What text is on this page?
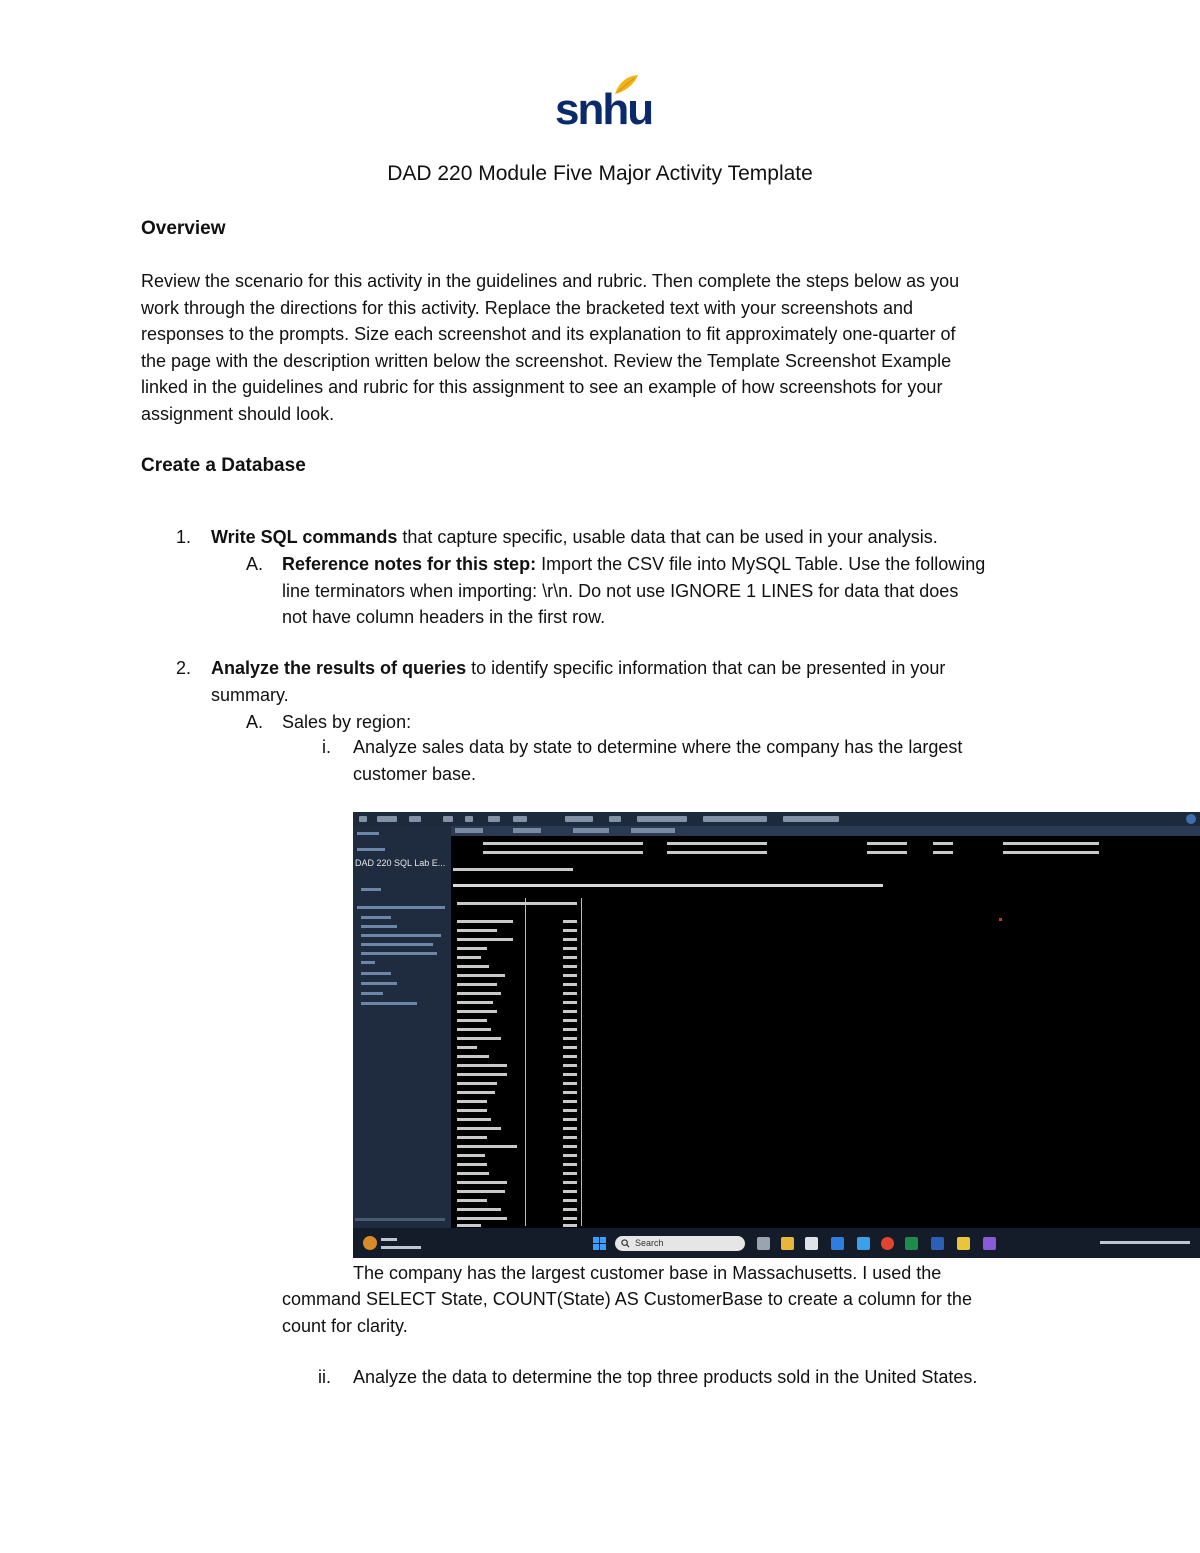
snhu
DAD 220 Module Five Major Activity Template
Overview
Review the scenario for this activity in the guidelines and rubric. Then complete the steps below as you
work through the directions for this activity. Replace the bracketed text with your screenshots and
responses to the prompts. Size each screenshot and its explanation to fit approximately one-quarter of
the page with the description written below the screenshot. Review the Template Screenshot Example
linked in the guidelines and rubric for this assignment to see an example of how screenshots for your
assignment should look.
Create a Database
1. Write SQL commands that capture specific, usable data that can be used in your analysis.
A. Reference notes for this step: Import the CSV file into MySQL Table. Use the following
line terminators when importing: \r\n. Do not use IGNORE 1 LINES for data that does
not have column headers in the first row.
2. Analyze the results of queries to identify specific information that can be presented in your
summary.
A. Sales by region:
i. Analyze sales data by state to determine where the company has the largest
customer base.
DAD 220 SQL Lab E...
Search
The company has the largest customer base in Massachusetts. I used the
command SELECT State, COUNT(State) AS CustomerBase to create a column for the
count for clarity.
ii. Analyze the data to determine the top three products sold in the United States.
